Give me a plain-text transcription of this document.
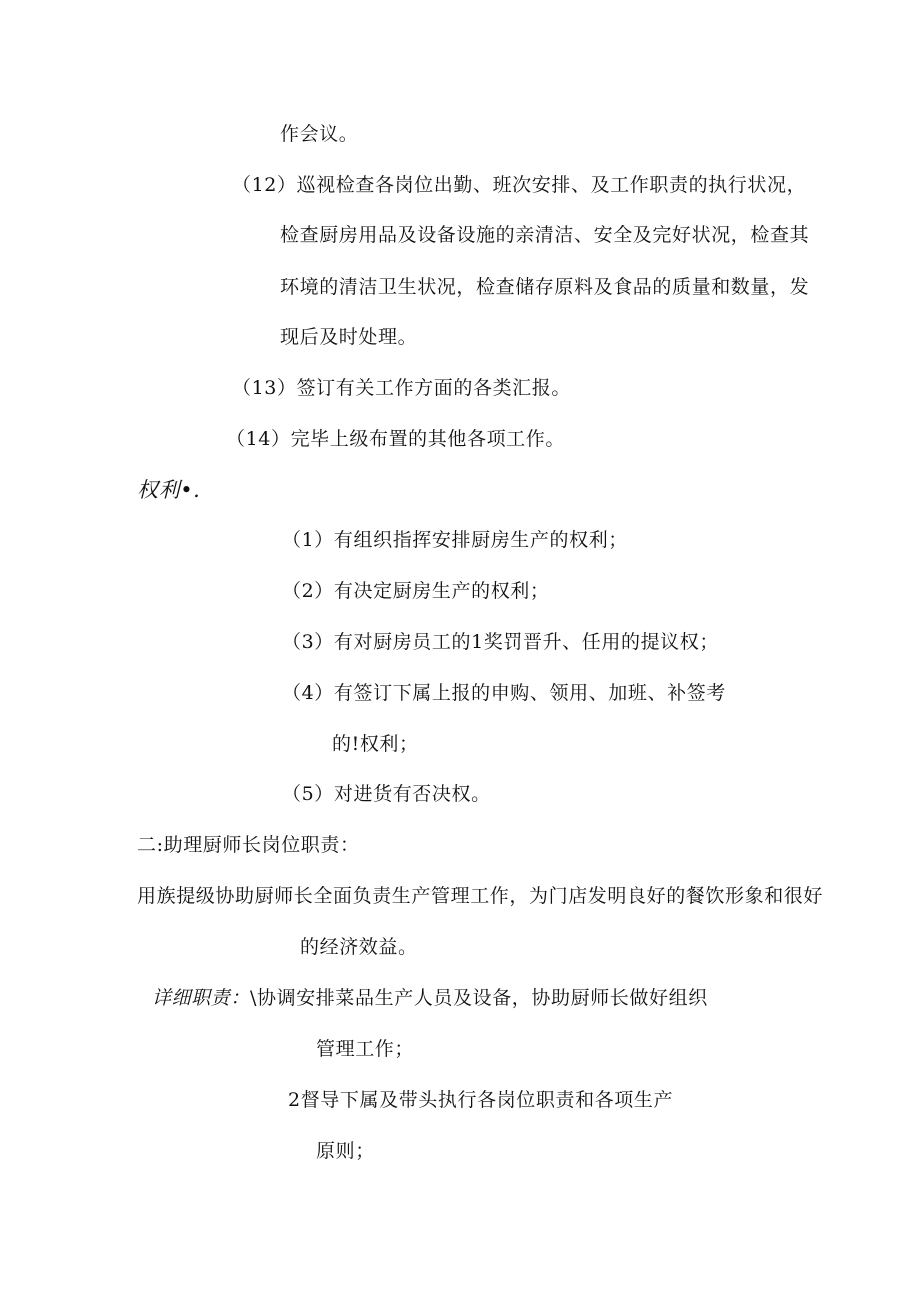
作会议。
（12）巡视检查各岗位出勤、班次安排、及工作职责的执行状况，
检查厨房用品及设备设施的亲清洁、安全及完好状况，检查其
环境的清洁卫生状况，检查储存原料及食品的质量和数量，发
现后及时处理。
（13）签订有关工作方面的各类汇报。
（14）完毕上级布置的其他各项工作。
权利•.
（1）有组织指挥安排厨房生产的权利；
（2）有决定厨房生产的权利；
（3）有对厨房员工的1奖罚晋升、任用的提议权；
（4）有签订下属上报的申购、领用、加班、补签考
的!权利；
（5）对进货有否决权。
二:助理厨师长岗位职责：
用族提级协助厨师长全面负责生产管理工作，为门店发明良好的餐饮形象和很好
的经济效益。
详细职责： \协调安排菜品生产人员及设备，协助厨师长做好组织
管理工作；
2督导下属及带头执行各岗位职责和各项生产
原则；
